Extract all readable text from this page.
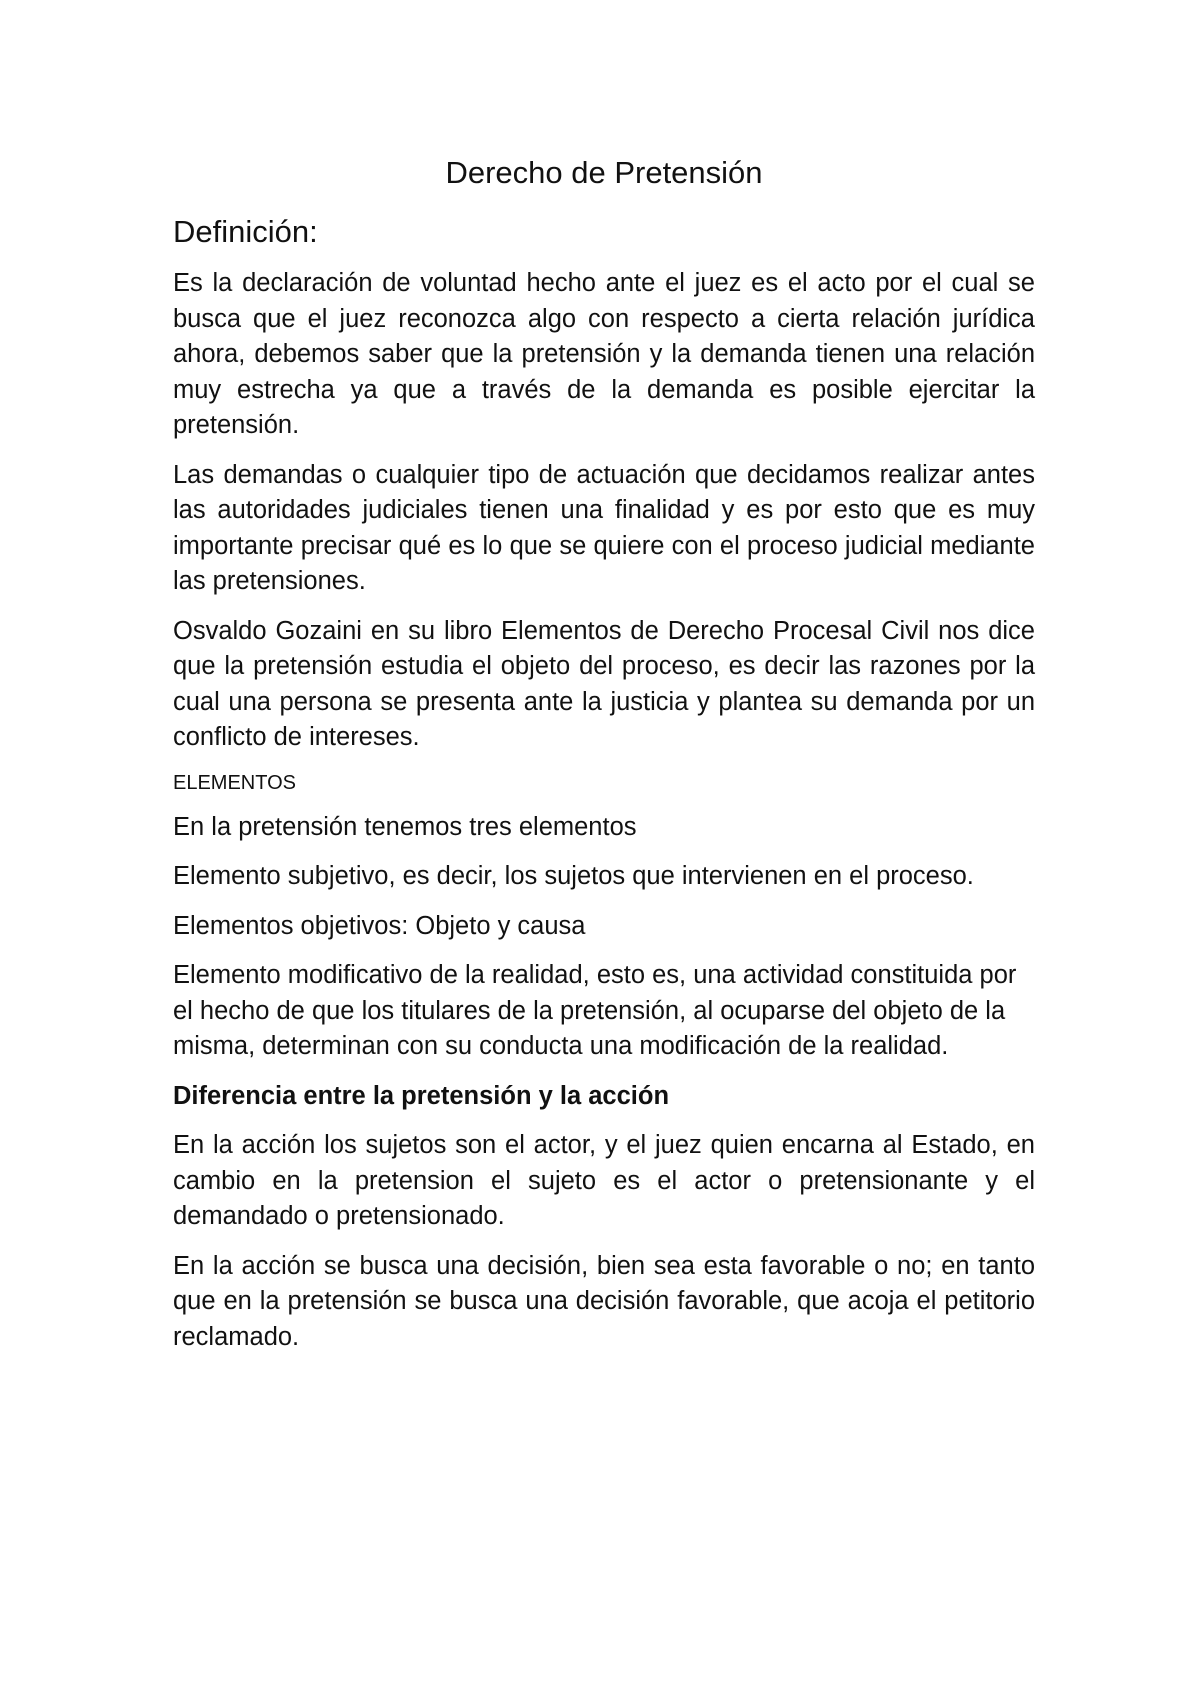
Derecho de Pretensión
Definición:

Es la declaración de voluntad hecho ante el juez es el acto por el cual se busca que el juez reconozca algo con respecto a cierta relación jurídica ahora, debemos saber que la pretensión y la demanda tienen una relación muy estrecha ya que a través de la demanda es posible ejercitar la pretensión.

Las demandas o cualquier tipo de actuación que decidamos realizar antes las autoridades judiciales tienen una finalidad y es por esto que es muy importante precisar qué es lo que se quiere con el proceso judicial mediante las pretensiones.

Osvaldo Gozaini en su libro Elementos de Derecho Procesal Civil nos dice que la pretensión estudia el objeto del proceso, es decir las razones por la cual una persona se presenta ante la justicia y plantea su demanda por un conflicto de intereses.

ELEMENTOS

En la pretensión tenemos tres elementos

Elemento subjetivo, es decir, los sujetos que intervienen en el proceso.

Elementos objetivos: Objeto y causa

Elemento modificativo de la realidad, esto es, una actividad constituida por el hecho de que los titulares de la pretensión, al ocuparse del objeto de la misma, determinan con su conducta una modificación de la realidad.

Diferencia entre la pretensión y la acción

En la acción los sujetos son el actor, y el juez quien encarna al Estado, en cambio en la pretension el sujeto es el actor o pretensionante y el demandado o pretensionado.

En la acción se busca una decisión, bien sea esta favorable o no; en tanto que en la pretensión se busca una decisión favorable, que acoja el petitorio reclamado.
